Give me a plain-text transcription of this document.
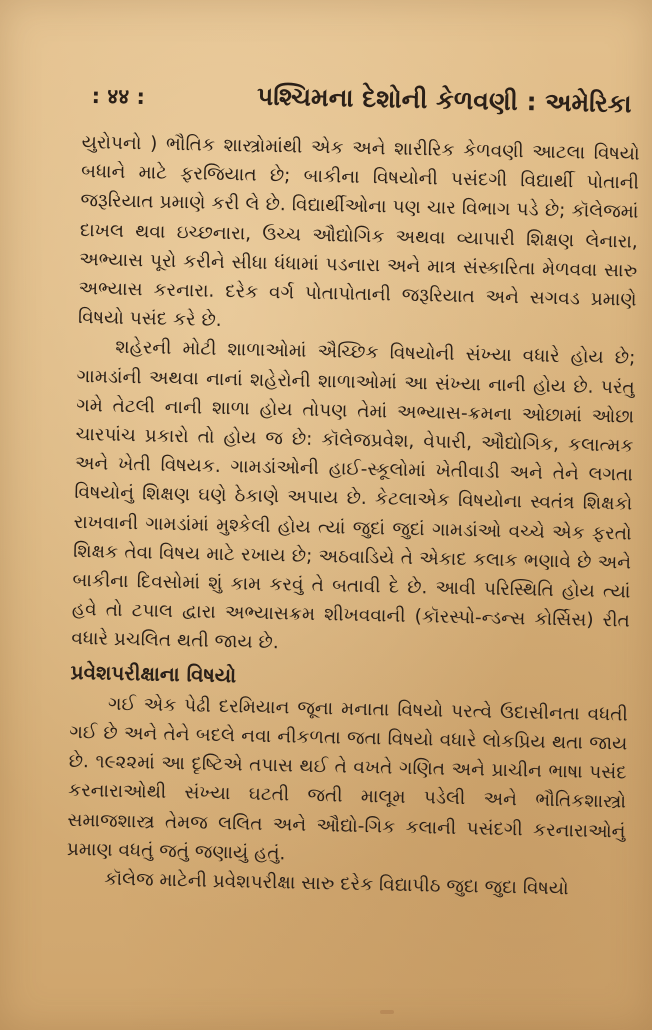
: ४४ :	પશ્ચિમના દેશોની કેળવણી : અમેરિકા

યુરોપનો ) ભૌતિક શાસ્ત્રોમાંથી એક અને શારીરિક કેળવણી આટલા વિષયો બધાને માટે ફરજિયાત છે; બાકીના વિષયોની પસંદગી વિદ્યાર્થી પોતાની જરૂરિયાત પ્રમાણે કરી લે છે. વિદ્યાર્થીઓના પણ ચાર વિભાગ પડે છે; કૉલેજમાં દાખલ થવા ઇચ્છનારા, ઉચ્ચ ઔદ્યોગિક અથવા વ્યાપારી શિક્ષણ લેનારા, અભ્યાસ પૂરો કરીને સીધા ધંધામાં પડનારા અને માત્ર સંસ્કારિતા મેળવવા સારુ અભ્યાસ કરનારા. દરેક વર્ગ પોતાપોતાની જરૂરિયાત અને સગવડ પ્રમાણે વિષયો પસંદ કરે છે.

શહેરની મોટી શાળાઓમાં ઐચ્છિક વિષયોની સંખ્યા વધારે હોય છે; ગામડાંની અથવા નાનાં શહેરોની શાળાઓમાં આ સંખ્યા નાની હોય છે. પરંતુ ગમે તેટલી નાની શાળા હોય તોપણ તેમાં અભ્યાસ-ક્રમના ઓછામાં ઓછા ચારપાંચ પ્રકારો તો હોય જ છે: કૉલેજપ્રવેશ, વેપારી, ઔદ્યોગિક, કલાત્મક અને ખેતી વિષયક. ગામડાંઓની હાઈ-સ્કૂલોમાં ખેતીવાડી અને તેને લગતા વિષયોનું શિક્ષણ ઘણે ઠેકાણે અપાય છે. કેટલાએક વિષયોના સ્વતંત્ર શિક્ષકો રાખવાની ગામડાંમાં મુશ્કેલી હોય ત્યાં જુદાં જુદાં ગામડાંઓ વચ્ચે એક ફરતો શિક્ષક તેવા વિષય માટે રખાય છે; અઠવાડિયે તે એકાદ કલાક ભણાવે છે અને બાકીના દિવસોમાં શું કામ કરવું તે બતાવી દે છે. આવી પરિસ્થિતિ હોય ત્યાં હવે તો ટપાલ દ્વારા અભ્યાસક્રમ શીખવવાની (કૉરસ્પો-ન્ડન્સ કોર્સિસ) રીત વધારે પ્રચલિત થતી જાય છે.

પ્રવેશપરીક્ષાના વિષયો

ગઈ એક પેઢી દરમિયાન જૂના મનાતા વિષયો પરત્વે ઉદાસીનતા વધતી ગઈ છે અને તેને બદલે નવા નીકળતા જતા વિષયો વધારે લોકપ્રિય થતા જાય છે. ૧૯૨૨માં આ દૃષ્ટિએ તપાસ થઈ તે વખતે ગણિત અને પ્રાચીન ભાષા પસંદ કરનારાઓથી સંખ્યા ઘટતી જતી માલૂમ પડેલી અને ભૌતિકશાસ્ત્રો સમાજશાસ્ત્ર તેમજ લલિત અને ઔદ્યો-ગિક કલાની પસંદગી કરનારાઓનું પ્રમાણ વધતું જતું જણાયું હતું.

કૉલેજ માટેની પ્રવેશપરીક્ષા સારુ દરેક વિદ્યાપીઠ જુદા જુદા વિષયો
